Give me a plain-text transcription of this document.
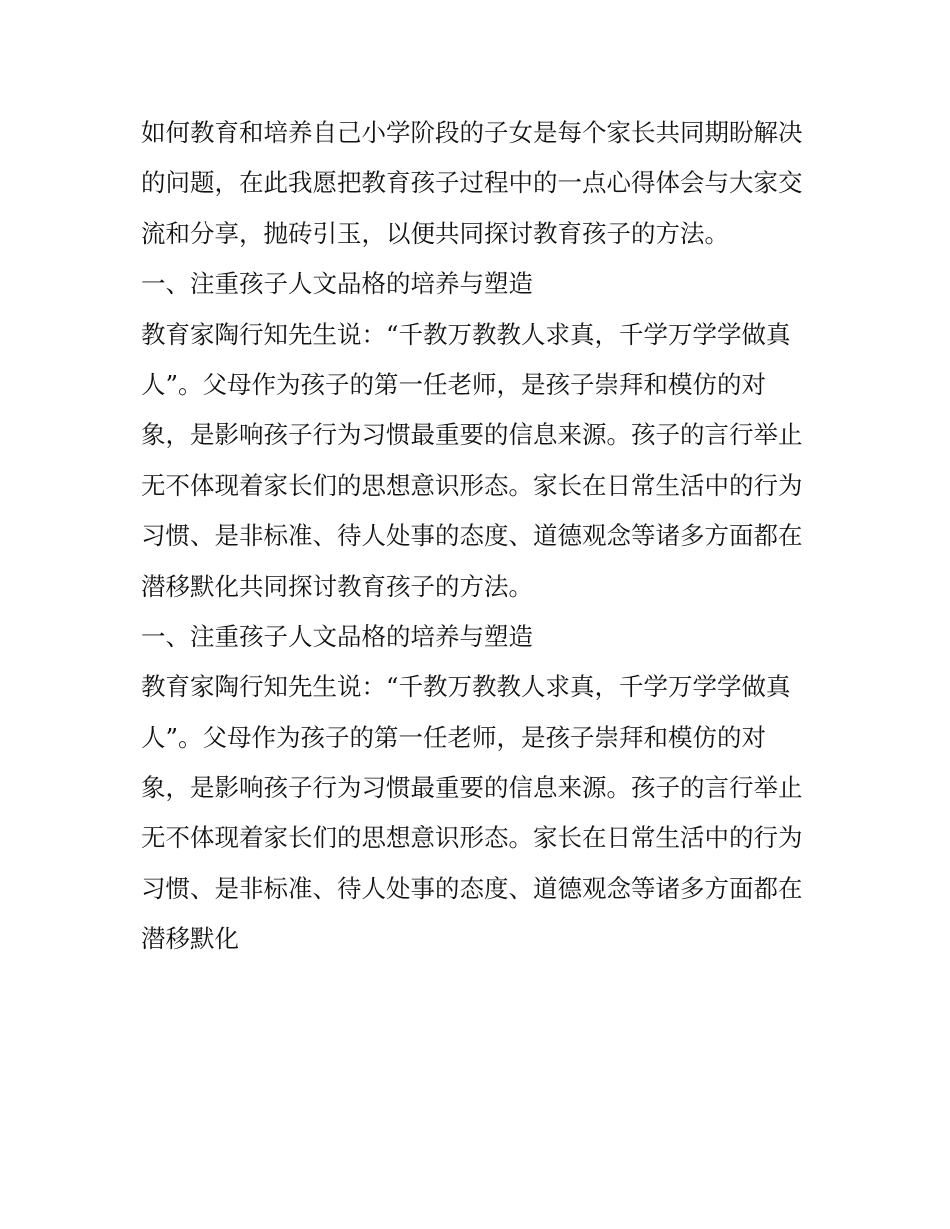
如何教育和培养自己小学阶段的子女是每个家长共同期盼解决
的问题，在此我愿把教育孩子过程中的一点心得体会与大家交
流和分享，抛砖引玉，以便共同探讨教育孩子的方法。
一、注重孩子人文品格的培养与塑造
教育家陶行知先生说：“千教万教教人求真，千学万学学做真
人”。父母作为孩子的第一任老师，是孩子崇拜和模仿的对
象，是影响孩子行为习惯最重要的信息来源。孩子的言行举止
无不体现着家长们的思想意识形态。家长在日常生活中的行为
习惯、是非标准、待人处事的态度、道德观念等诸多方面都在
潜移默化共同探讨教育孩子的方法。
一、注重孩子人文品格的培养与塑造
教育家陶行知先生说：“千教万教教人求真，千学万学学做真
人”。父母作为孩子的第一任老师，是孩子崇拜和模仿的对
象，是影响孩子行为习惯最重要的信息来源。孩子的言行举止
无不体现着家长们的思想意识形态。家长在日常生活中的行为
习惯、是非标准、待人处事的态度、道德观念等诸多方面都在
潜移默化
